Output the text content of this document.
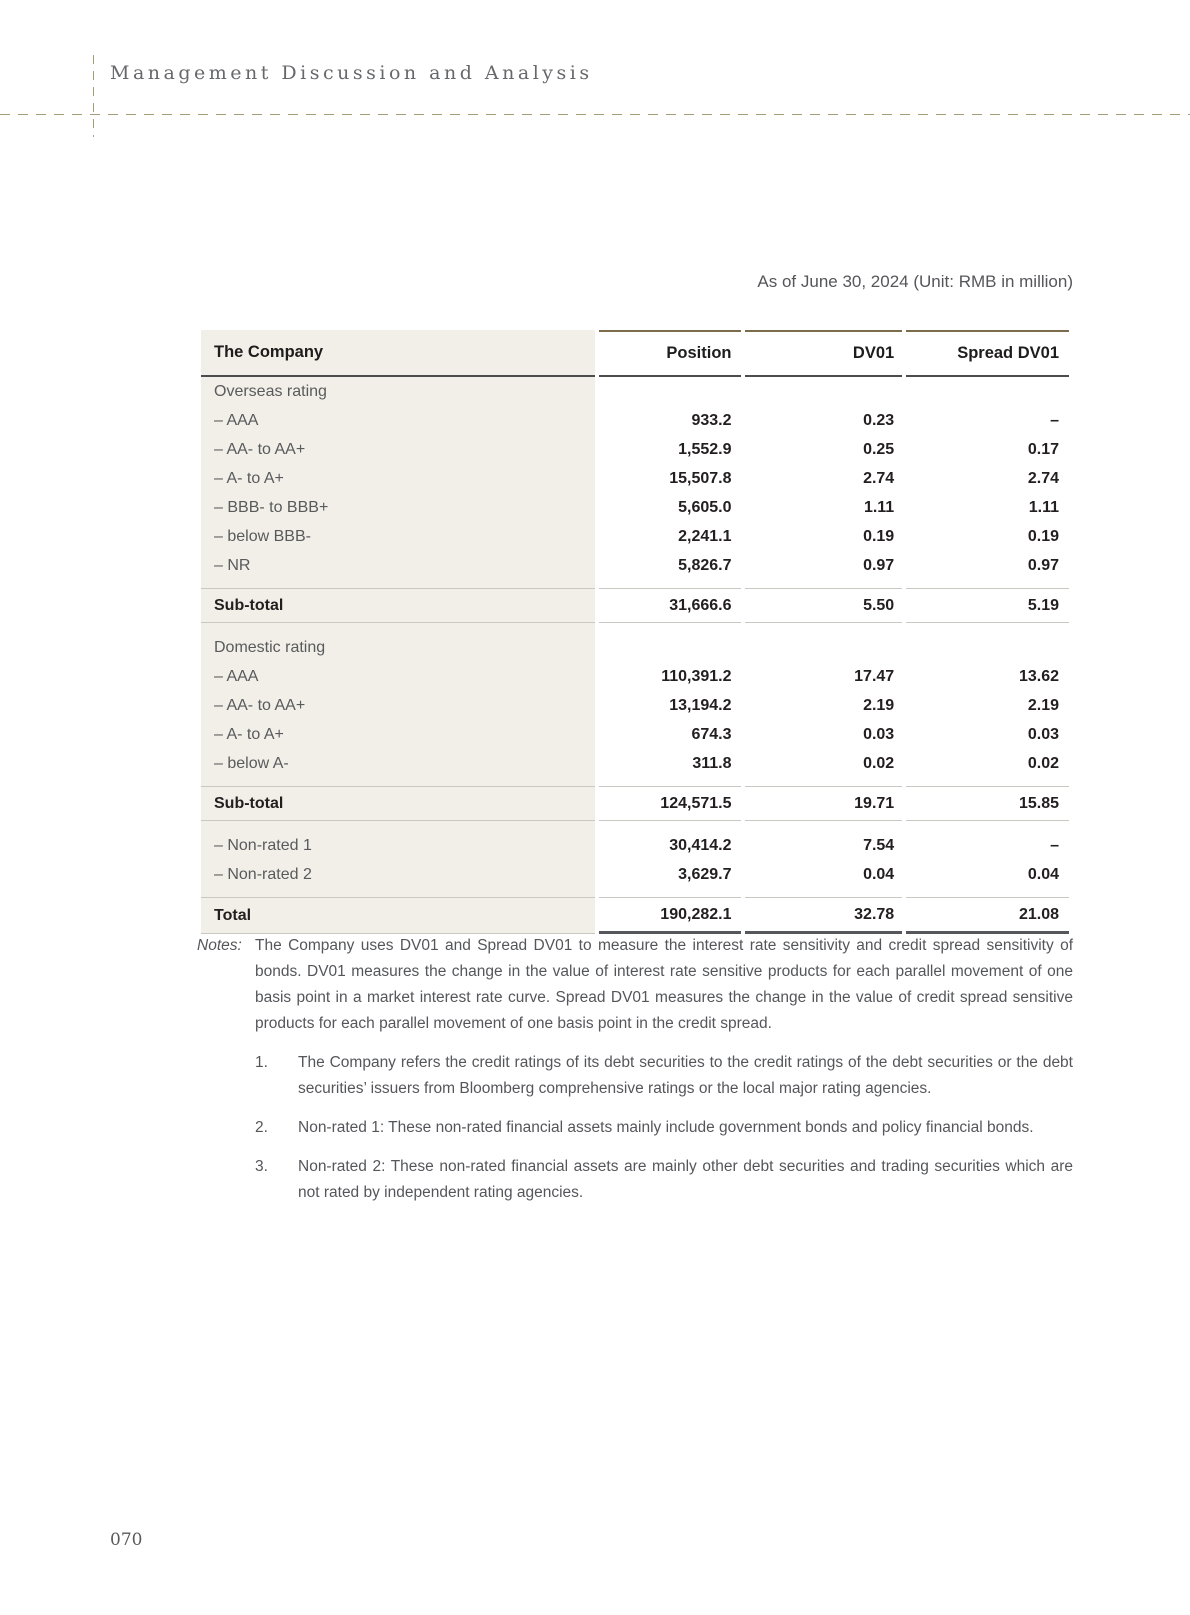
Management Discussion and Analysis
As of June 30, 2024 (Unit: RMB in million)
The Company	Position	DV01	Spread DV01
Overseas rating			
– AAA	933.2	0.23	–
– AA- to AA+	1,552.9	0.25	0.17
– A- to A+	15,507.8	2.74	2.74
– BBB- to BBB+	5,605.0	1.11	1.11
– below BBB-	2,241.1	0.19	0.19
– NR	5,826.7	0.97	0.97
Sub-total	31,666.6	5.50	5.19
Domestic rating			
– AAA	110,391.2	17.47	13.62
– AA- to AA+	13,194.2	2.19	2.19
– A- to A+	674.3	0.03	0.03
– below A-	311.8	0.02	0.02
Sub-total	124,571.5	19.71	15.85
– Non-rated 1	30,414.2	7.54	–
– Non-rated 2	3,629.7	0.04	0.04
Total	190,282.1	32.78	21.08
Notes: The Company uses DV01 and Spread DV01 to measure the interest rate sensitivity and credit spread sensitivity of bonds. DV01 measures the change in the value of interest rate sensitive products for each parallel movement of one basis point in a market interest rate curve. Spread DV01 measures the change in the value of credit spread sensitive products for each parallel movement of one basis point in the credit spread.
1.	The Company refers the credit ratings of its debt securities to the credit ratings of the debt securities or the debt securities’ issuers from Bloomberg comprehensive ratings or the local major rating agencies.
2.	Non-rated 1: These non-rated financial assets mainly include government bonds and policy financial bonds.
3.	Non-rated 2: These non-rated financial assets are mainly other debt securities and trading securities which are not rated by independent rating agencies.
070
